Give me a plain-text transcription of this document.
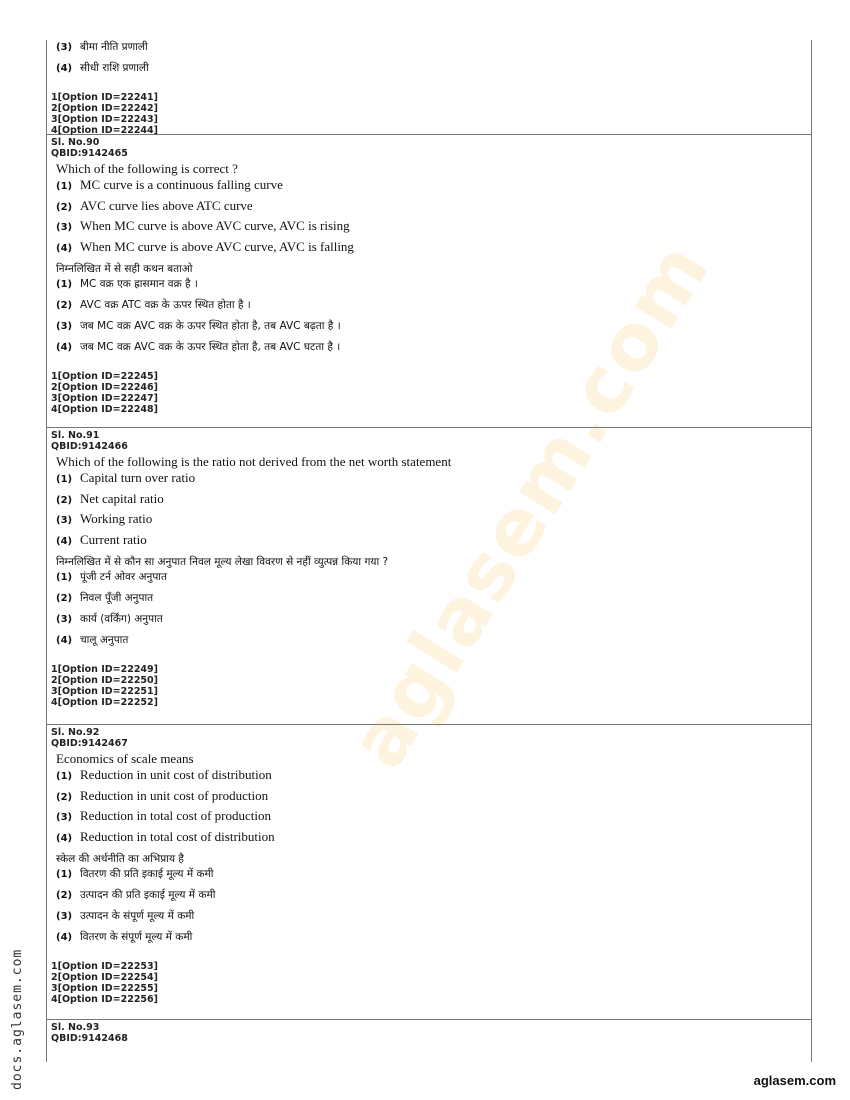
aglasem.com
(3) बीमा नीति प्रणाली
(4) सीधी राशि प्रणाली
1[Option ID=22241]
2[Option ID=22242]
3[Option ID=22243]
4[Option ID=22244]
Sl. No.90
QBID:9142465
Which of the following is correct ?
(1) MC curve is a continuous falling curve
(2) AVC curve lies above ATC curve
(3) When MC curve is above AVC curve, AVC is rising
(4) When MC curve is above AVC curve, AVC is falling
निम्नलिखित में से सही कथन बताओ
(1) MC वक्र एक ह्रासमान वक्र है ।
(2) AVC वक्र ATC वक्र के ऊपर स्थित होता है ।
(3) जब MC वक्र AVC वक्र के ऊपर स्थित होता है, तब AVC बढ़ता है ।
(4) जब MC वक्र AVC वक्र के ऊपर स्थित होता है, तब AVC घटता है ।
1[Option ID=22245]
2[Option ID=22246]
3[Option ID=22247]
4[Option ID=22248]
Sl. No.91
QBID:9142466
Which of the following is the ratio not derived from the net worth statement
(1) Capital turn over ratio
(2) Net capital ratio
(3) Working ratio
(4) Current ratio
निम्नलिखित में से कौन सा अनुपात निवल मूल्य लेखा विवरण से नहीं व्युत्पन्न किया गया ?
(1) पूंजी टर्न ओवर अनुपात
(2) निवल पूँजी अनुपात
(3) कार्य (वर्किंग) अनुपात
(4) चालू अनुपात
1[Option ID=22249]
2[Option ID=22250]
3[Option ID=22251]
4[Option ID=22252]
Sl. No.92
QBID:9142467
Economics of scale means
(1) Reduction in unit cost of distribution
(2) Reduction in unit cost of production
(3) Reduction in total cost of production
(4) Reduction in total cost of distribution
स्केल की अर्थनीति का अभिप्राय है
(1) वितरण की प्रति इकाई मूल्य में कमी
(2) उत्पादन की प्रति इकाई मूल्य में कमी
(3) उत्पादन के संपूर्ण मूल्य में कमी
(4) वितरण के संपूर्ण मूल्य में कमी
1[Option ID=22253]
2[Option ID=22254]
3[Option ID=22255]
4[Option ID=22256]
Sl. No.93
QBID:9142468
docs.aglasem.com	aglasem.com
